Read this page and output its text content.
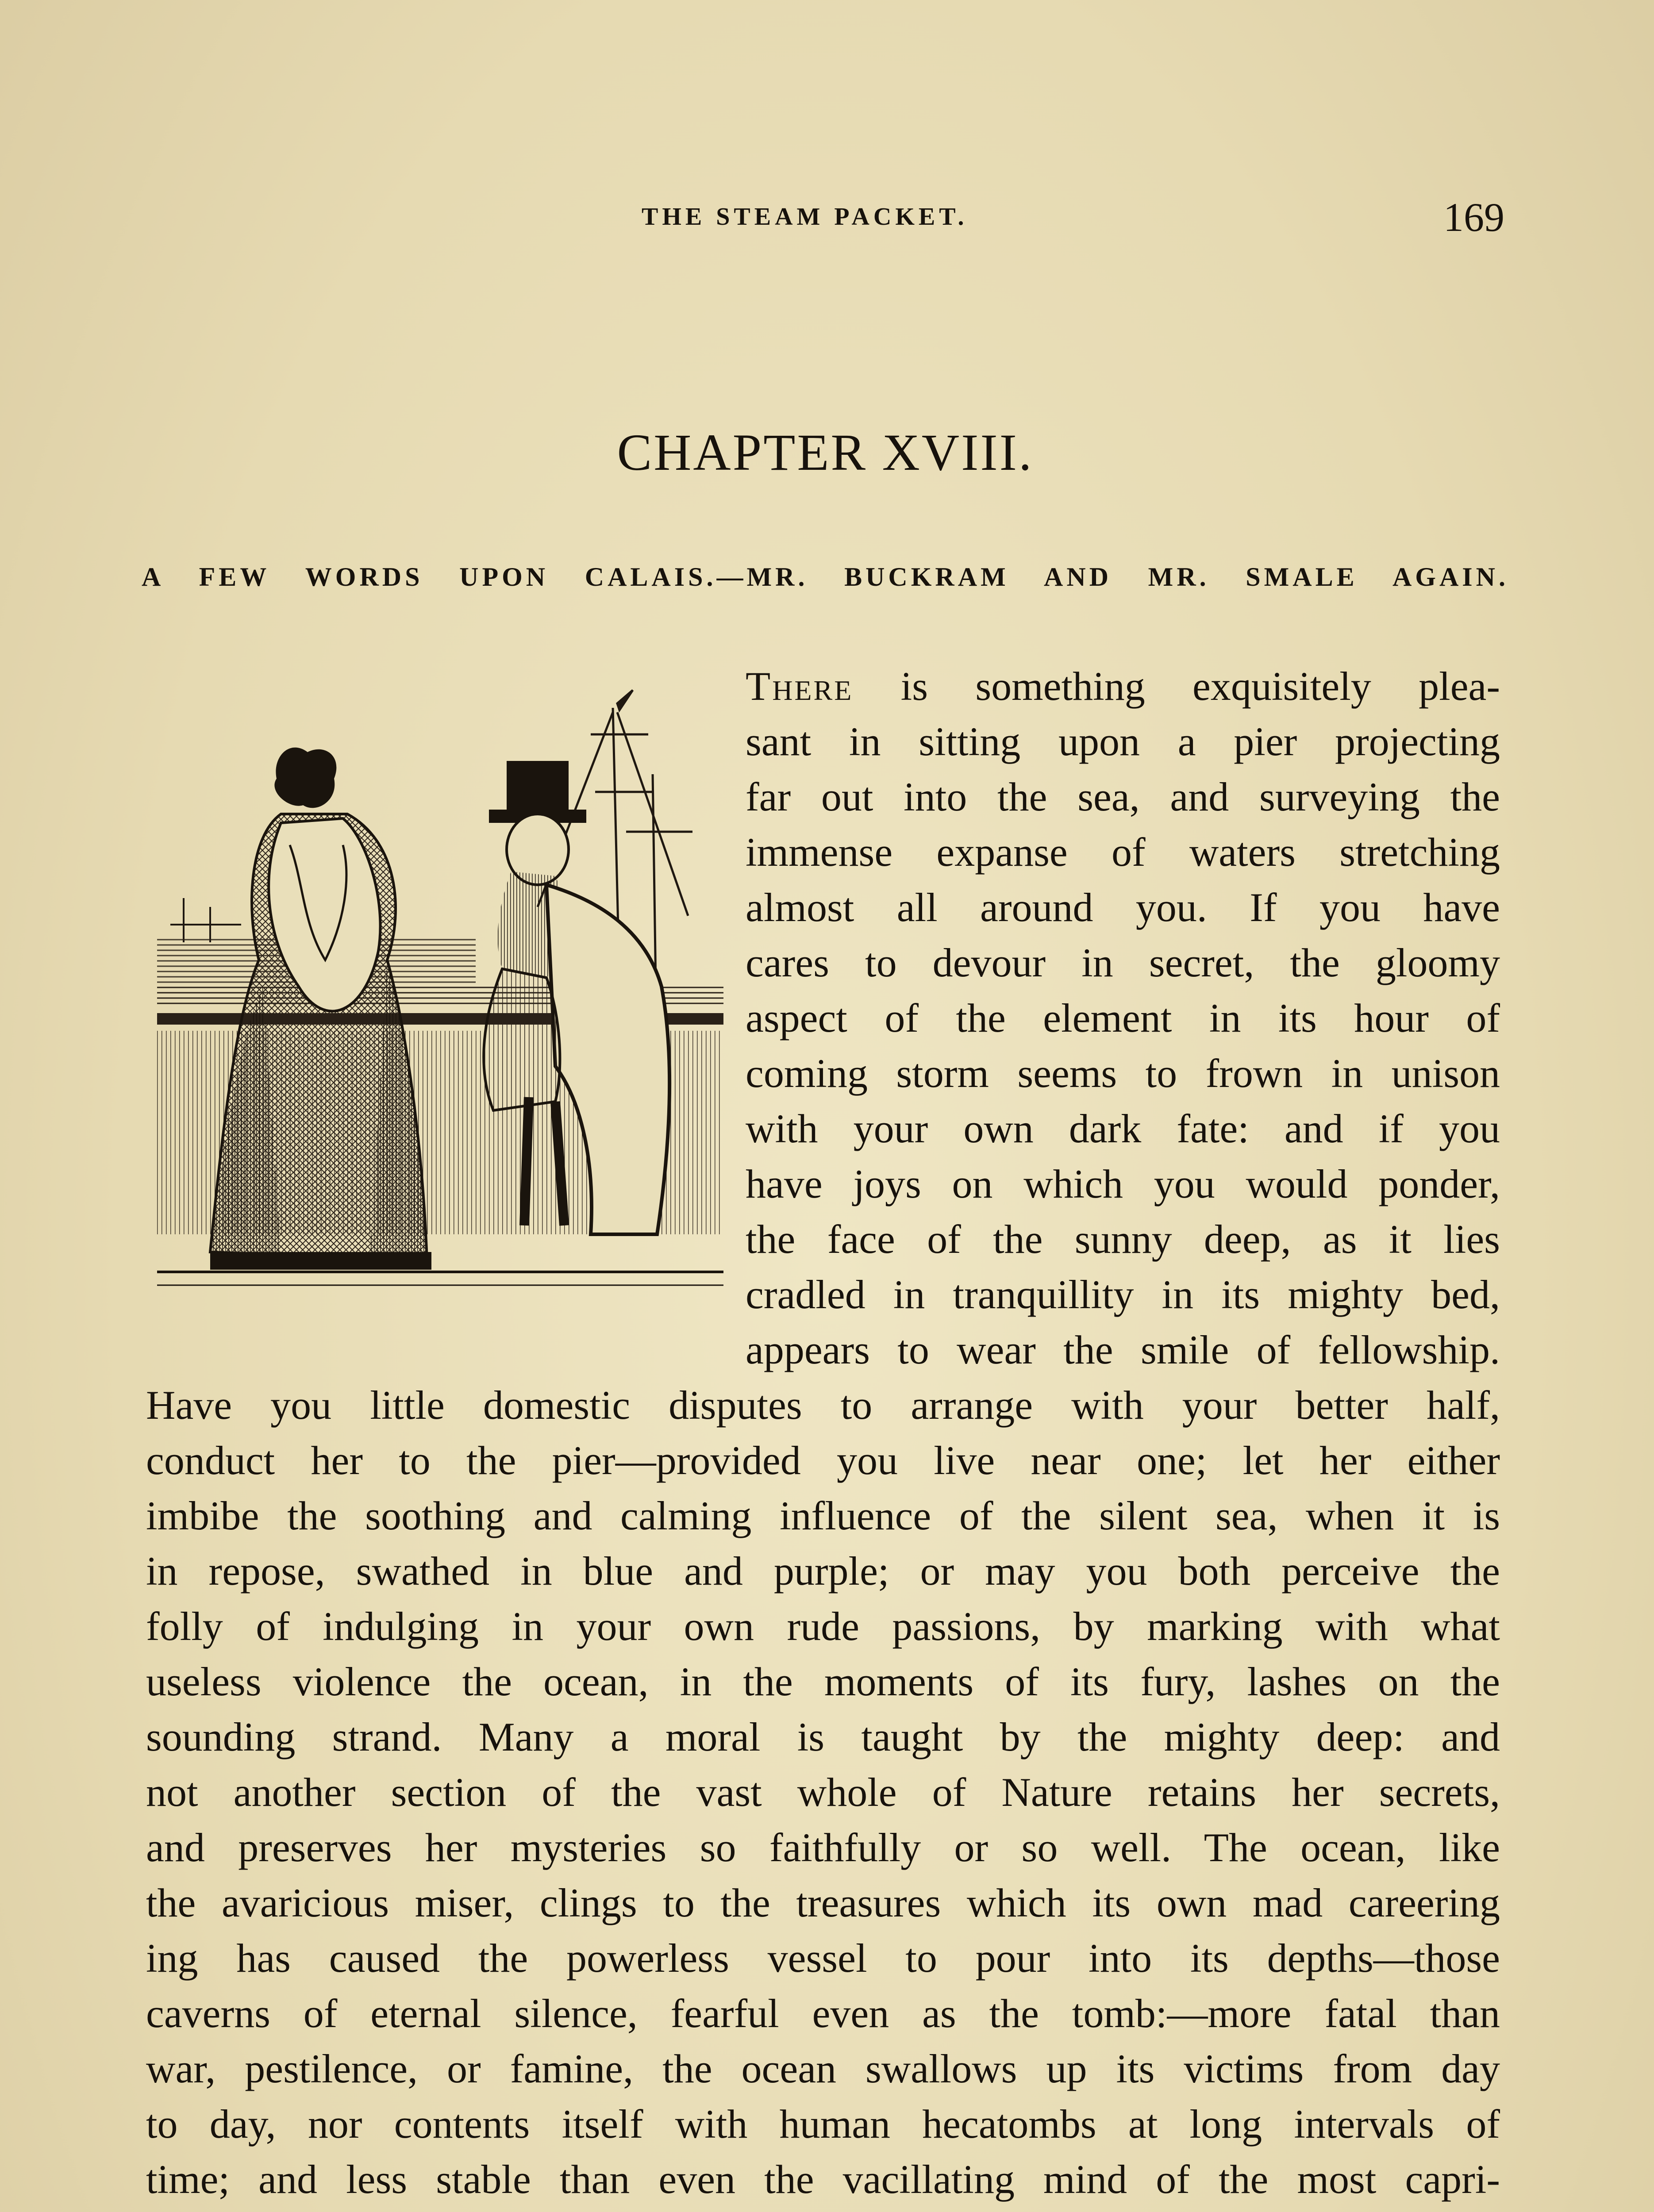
THE STEAM PACKET.	169
CHAPTER XVIII.
A FEW WORDS UPON CALAIS.—MR. BUCKRAM AND MR. SMALE AGAIN.
There is something exquisitely plea-
sant in sitting upon a pier projecting
far out into the sea, and surveying the
immense expanse of waters stretching
almost all around you. If you have
cares to devour in secret, the gloomy
aspect of the element in its hour of
coming storm seems to frown in unison
with your own dark fate: and if you
have joys on which you would ponder,
the face of the sunny deep, as it lies
cradled in tranquillity in its mighty bed,
appears to wear the smile of fellowship.
Have you little domestic disputes to arrange with your better half,
conduct her to the pier—provided you live near one; let her either
imbibe the soothing and calming influence of the silent sea, when it is
in repose, swathed in blue and purple; or may you both perceive the
folly of indulging in your own rude passions, by marking with what
useless violence the ocean, in the moments of its fury, lashes on the
sounding strand. Many a moral is taught by the mighty deep: and
not another section of the vast whole of Nature retains her secrets,
and preserves her mysteries so faithfully or so well. The ocean, like
the avaricious miser, clings to the treasures which its own mad careering
ing has caused the powerless vessel to pour into its depths—those
caverns of eternal silence, fearful even as the tomb:—more fatal than
war, pestilence, or famine, the ocean swallows up its victims from day
to day, nor contents itself with human hecatombs at long intervals of
time; and less stable than even the vacillating mind of the most capri-
